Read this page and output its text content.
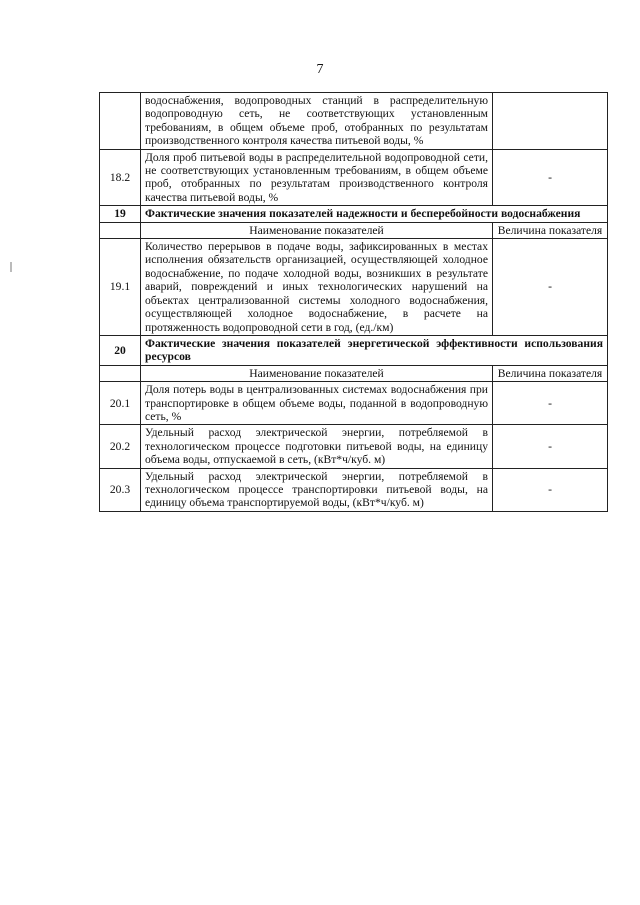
7
	водоснабжения, водопроводных станций в распределительную водопроводную сеть, не соответствующих установленным требованиям, в общем объеме проб, отобранных по результатам производственного контроля качества питьевой воды, %	
18.2	Доля проб питьевой воды в распределительной водопроводной сети, не соответствующих установленным требованиям, в общем объеме проб, отобранных по результатам производственного контроля качества питьевой воды, %	-
19	Фактические значения показателей надежности и бесперебойности водоснабжения	
	Наименование показателей	Величина показателя
19.1	Количество перерывов в подаче воды, зафиксированных в местах исполнения обязательств организацией, осуществляющей холодное водоснабжение, по подаче холодной воды, возникших в результате аварий, повреждений и иных технологических нарушений на объектах централизованной системы холодного водоснабжения, осуществляющей холодное водоснабжение, в расчете на протяженность водопроводной сети в год, (ед./км)	-
20	Фактические значения показателей энергетической эффективности использования ресурсов	
	Наименование показателей	Величина показателя
20.1	Доля потерь воды в централизованных системах водоснабжения при транспортировке в общем объеме воды, поданной в водопроводную сеть, %	-
20.2	Удельный расход электрической энергии, потребляемой в технологическом процессе подготовки питьевой воды, на единицу объема воды, отпускаемой в сеть, (кВт*ч/куб. м)	-
20.3	Удельный расход электрической энергии, потребляемой в технологическом процессе транспортировки питьевой воды, на единицу объема транспортируемой воды, (кВт*ч/куб. м)	-
